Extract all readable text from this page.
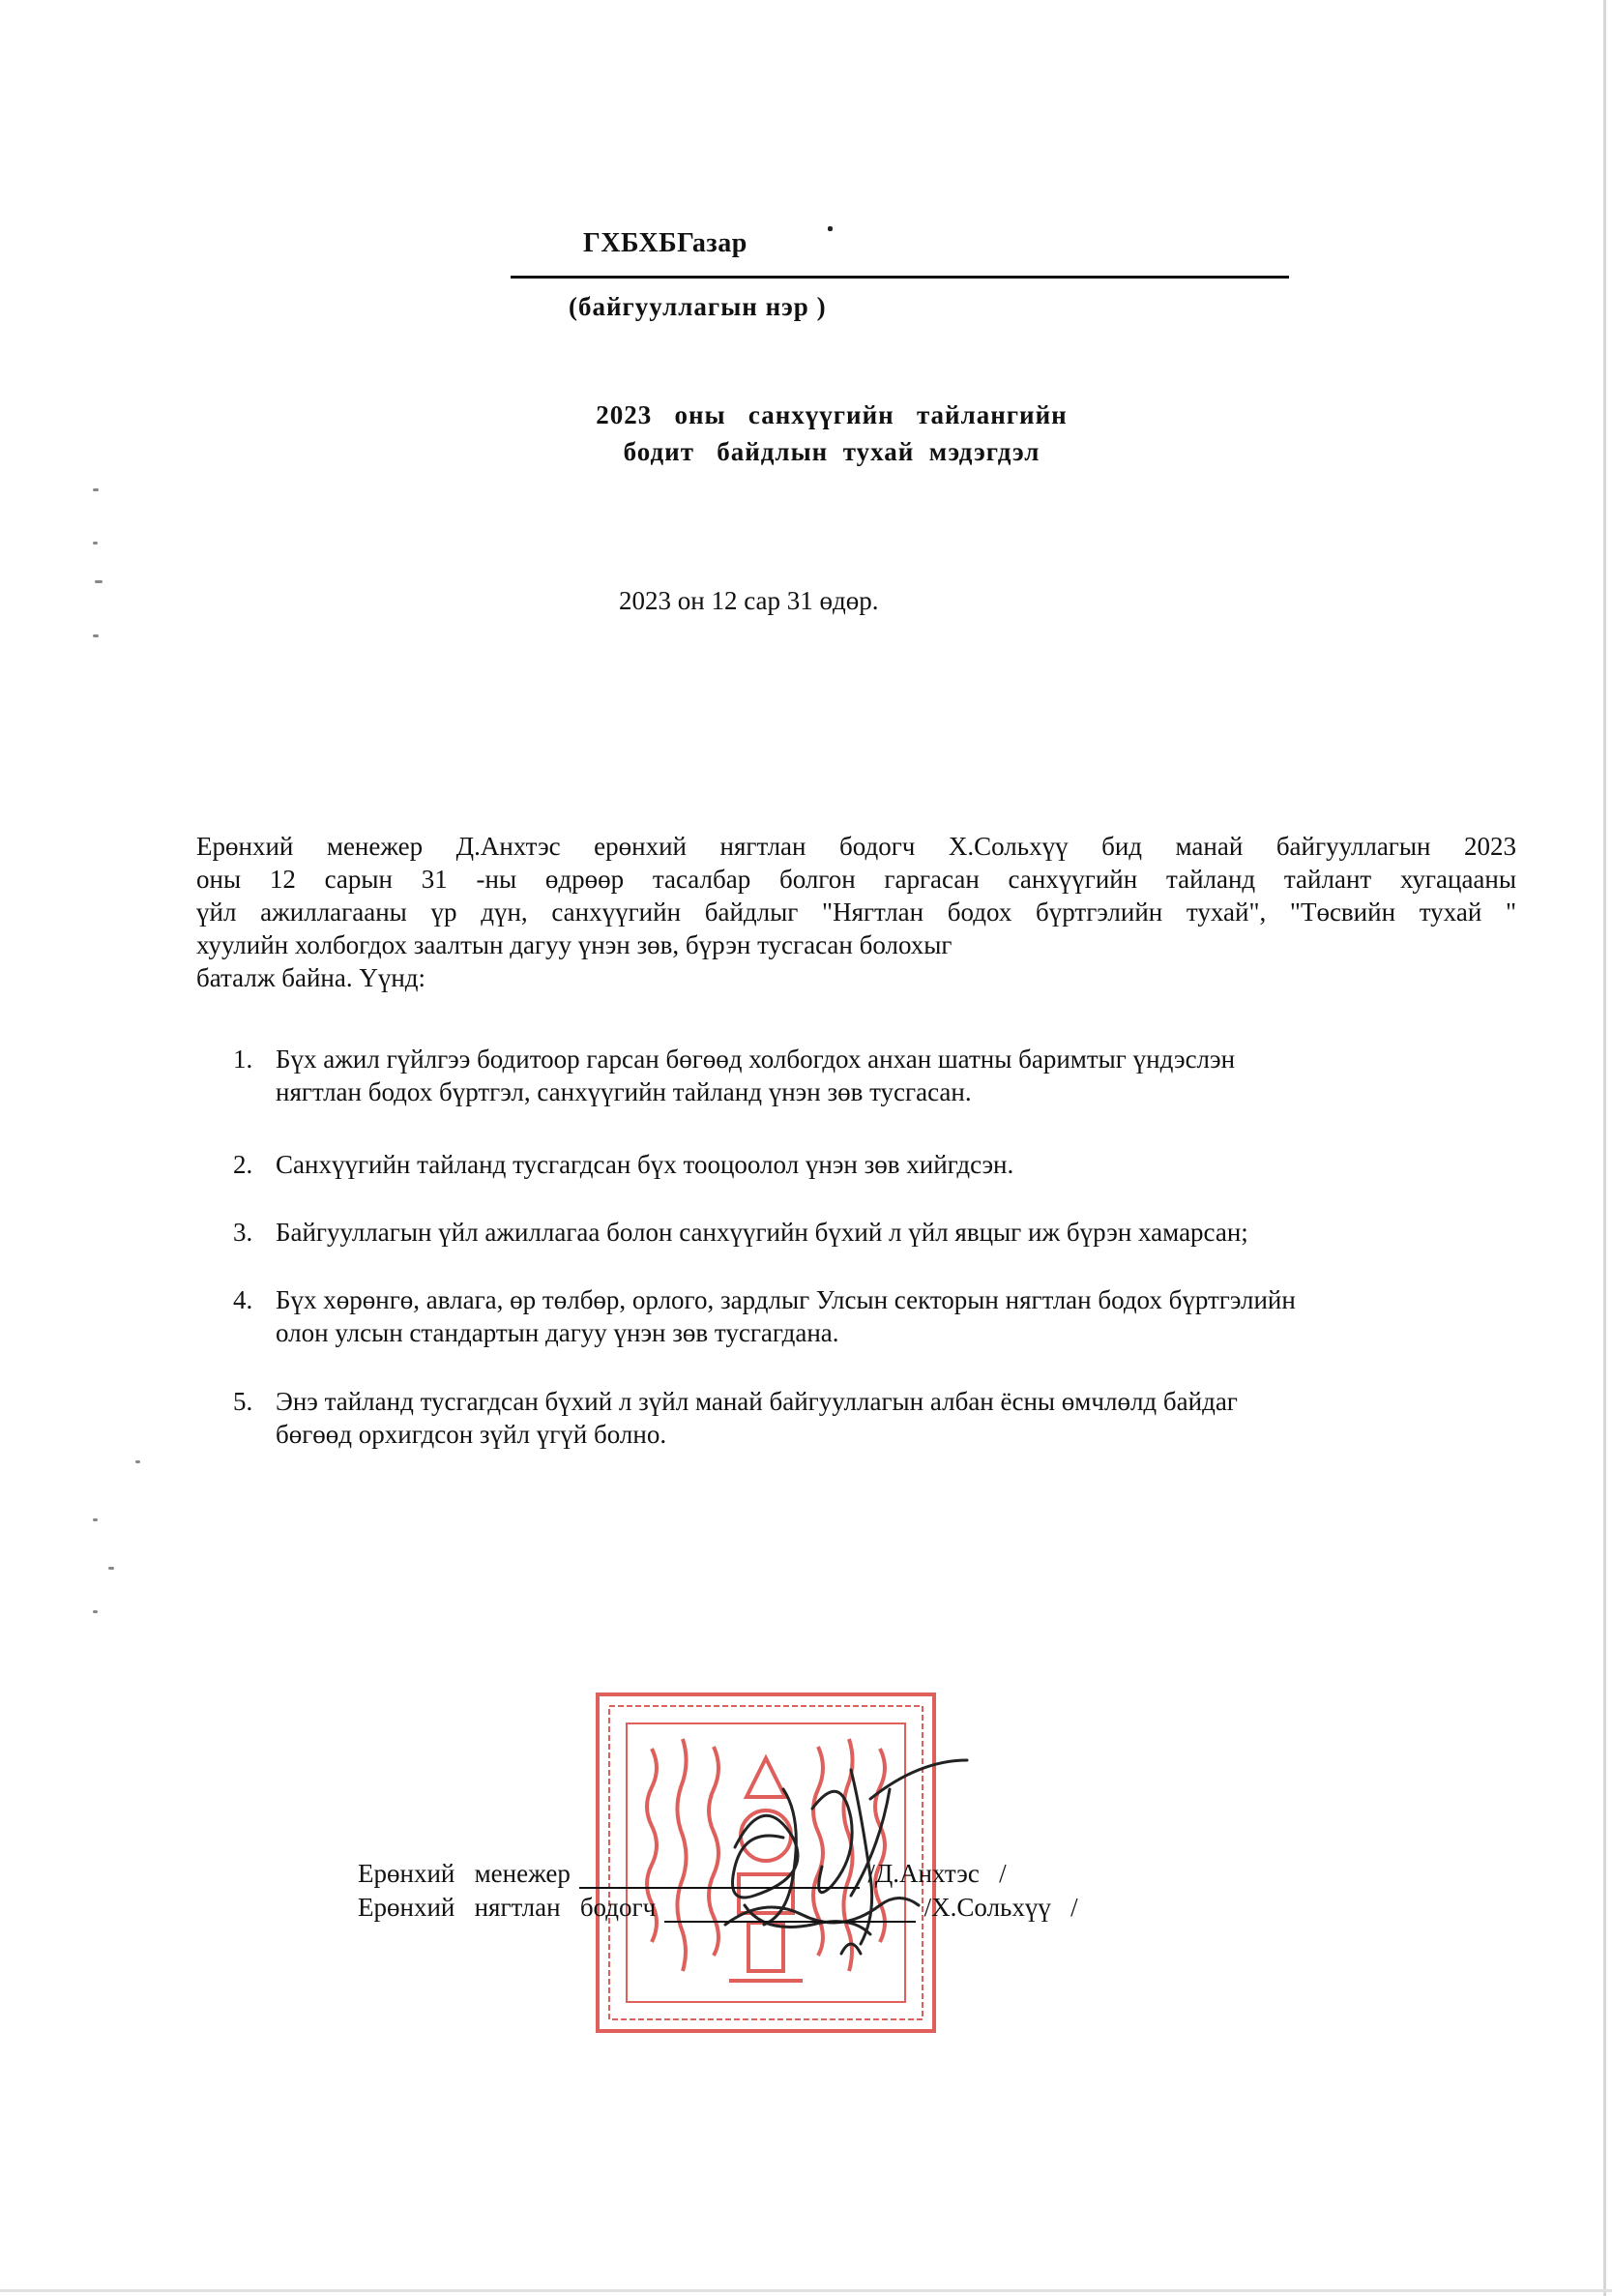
ГХБХБГазар
(байгууллагын нэр )
2023   оны   санхүүгийн   тайлангийн
бодит   байдлын  тухай  мэдэгдэл
2023 он 12 сар 31 өдөр.
Ерөнхий менежер Д.Анхтэс ерөнхий нягтлан бодогч Х.Сольхүү бид манай байгууллагын 2023
оны 12 сарын 31 -ны өдрөөр тасалбар болгон гаргасан санхүүгийн тайланд тайлант хугацааны
үйл ажиллагааны үр дүн, санхүүгийн байдлыг "Нягтлан бодох бүртгэлийн тухай", "Төсвийн тухай "
хуулийн холбогдох заалтын дагуу үнэн зөв, бүрэн тусгасан болохыг
баталж байна. Үүнд:
1. Бүх ажил гүйлгээ бодитоор гарсан бөгөөд холбогдох анхан шатны баримтыг үндэслэн
нягтлан бодох бүртгэл, санхүүгийн тайланд үнэн зөв тусгасан.
2. Санхүүгийн тайланд тусгагдсан бүх тооцоолол үнэн зөв хийгдсэн.
3. Байгууллагын үйл ажиллагаа болон санхүүгийн бүхий л үйл явцыг иж бүрэн хамарсан;
4. Бүх хөрөнгө, авлага, өр төлбөр, орлого, зардлыг Улсын секторын нягтлан бодох бүртгэлийн
олон улсын стандартын дагуу үнэн зөв тусгагдана.
5. Энэ тайланд тусгагдсан бүхий л зүйл манай байгууллагын албан ёсны өмчлөлд байдаг
бөгөөд орхигдсон зүйл үгүй болно.
Ерөнхий   менежер	/Д.Анхтэс   /
Ерөнхий   нягтлан   бодогч	/Х.Сольхүү   /
